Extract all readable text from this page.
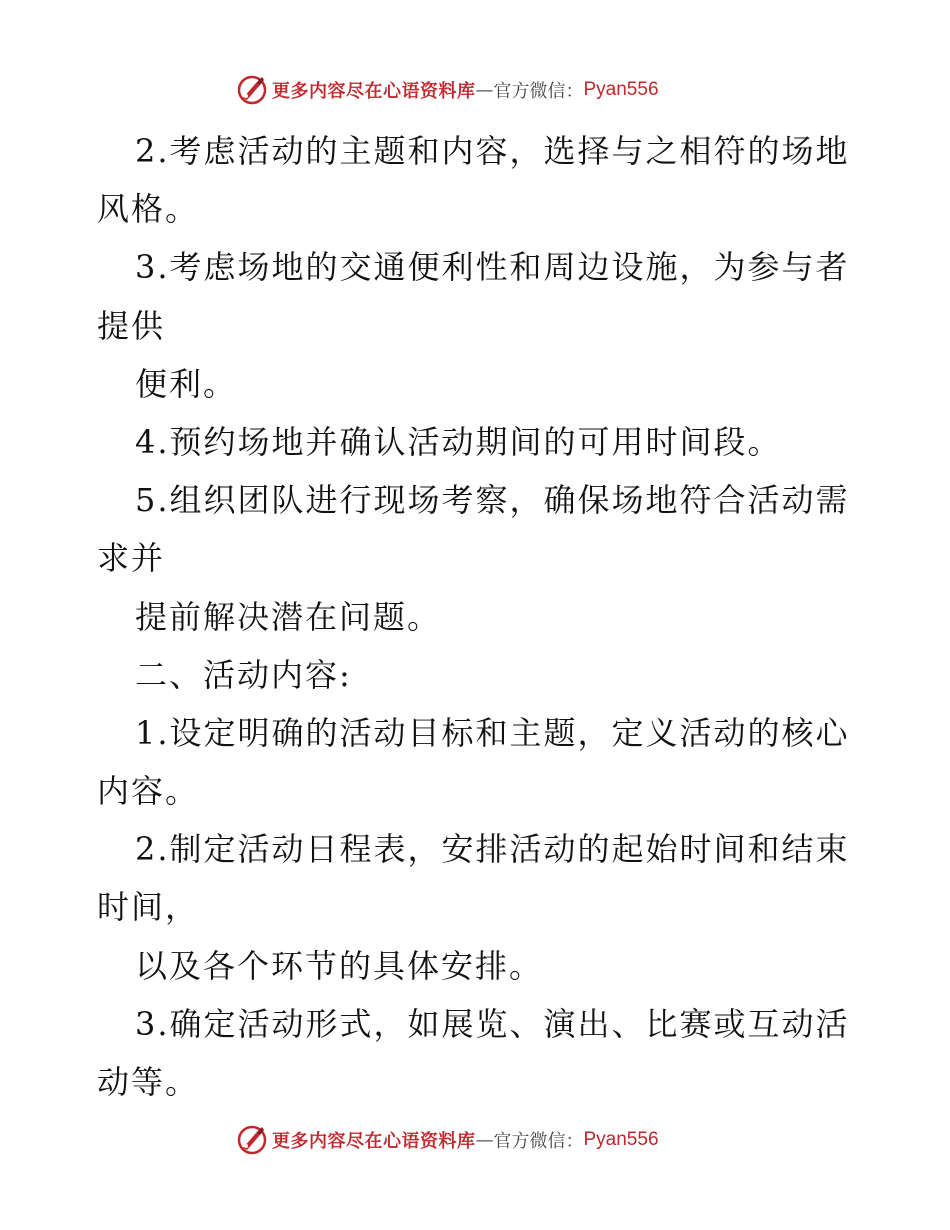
更多内容尽在心语资料库 — 官方微信： Pyan556
2.考虑活动的主题和内容，选择与之相符的场地
风格。
3.考虑场地的交通便利性和周边设施，为参与者
提供
便利。
4.预约场地并确认活动期间的可用时间段。
5.组织团队进行现场考察，确保场地符合活动需
求并
提前解决潜在问题。
二、活动内容:
1.设定明确的活动目标和主题，定义活动的核心
内容。
2.制定活动日程表，安排活动的起始时间和结束
时间，
以及各个环节的具体安排。
3.确定活动形式，如展览、演出、比赛或互动活
动等。
更多内容尽在心语资料库 — 官方微信： Pyan556
